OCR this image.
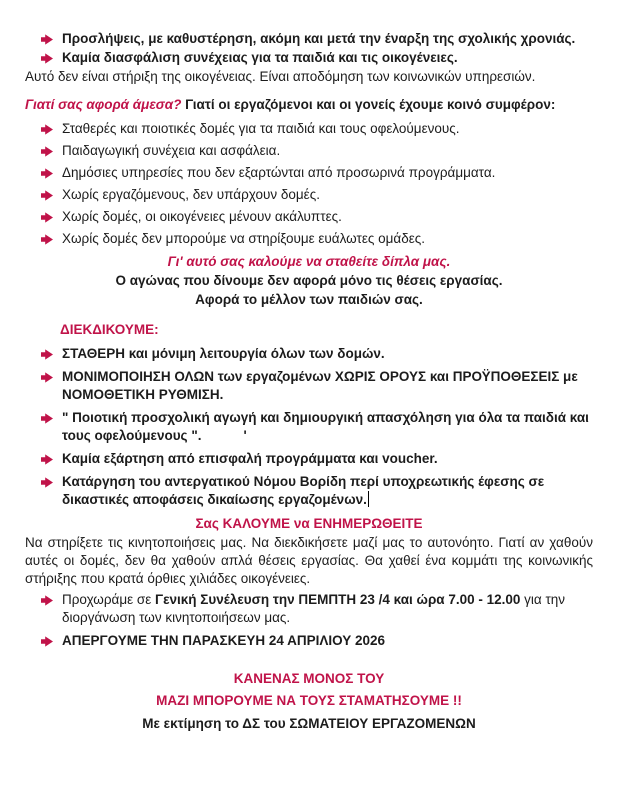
Προσλήψεις, με καθυστέρηση, ακόμη και μετά την έναρξη της σχολικής χρονιάς.
Καμία διασφάλιση συνέχειας για τα παιδιά και τις οικογένειες.

Αυτό δεν είναι στήριξη της οικογένειας. Είναι αποδόμηση των κοινωνικών υπηρεσιών.

Γιατί σας αφορά άμεσα? Γιατί οι εργαζόμενοι και οι γονείς έχουμε κοινό συμφέρον:

Σταθερές και ποιοτικές δομές για τα παιδιά και τους οφελούμενους.
Παιδαγωγική συνέχεια και ασφάλεια.
Δημόσιες υπηρεσίες που δεν εξαρτώνται από προσωρινά προγράμματα.
Χωρίς εργαζόμενους, δεν υπάρχουν δομές.
Χωρίς δομές, οι οικογένειες μένουν ακάλυπτες.
Χωρίς δομές δεν μπορούμε να στηρίξουμε ευάλωτες ομάδες.

Γι' αυτό σας καλούμε να σταθείτε δίπλα μας.

Ο αγώνας που δίνουμε δεν αφορά μόνο τις θέσεις εργασίας.

Αφορά το μέλλον των παιδιών σας.

ΔΙΕΚΔΙΚΟΥΜΕ:

ΣΤΑΘΕΡΗ και μόνιμη λειτουργία όλων των δομών.
ΜΟΝΙΜΟΠΟΙΗΣΗ ΟΛΩΝ των εργαζομένων ΧΩΡΙΣ ΟΡΟΥΣ και ΠΡΟΫΠΟΘΕΣΕΙΣ με ΝΟΜΟΘΕΤΙΚΗ ΡΥΘΜΙΣΗ.
" Ποιοτική προσχολική αγωγή και δημιουργική απασχόληση για όλα τα παιδιά και τους οφελούμενους ".	'
Καμία εξάρτηση από επισφαλή προγράμματα και voucher.
Κατάργηση του αντεργατικού Νόμου Βορίδη περί υποχρεωτικής έφεσης σε δικαστικές αποφάσεις δικαίωσης εργαζομένων.

Σας ΚΑΛΟΥΜΕ να ΕΝΗΜΕΡΩΘΕΙΤΕ

Να στηρίξετε τις κινητοποιήσεις μας. Να διεκδικήσετε μαζί μας το αυτονόητο. Γιατί αν χαθούν αυτές οι δομές, δεν θα χαθούν απλά θέσεις εργασίας. Θα χαθεί ένα κομμάτι της κοινωνικής στήριξης που κρατά όρθιες χιλιάδες οικογένειες.

Προχωράμε σε Γενική Συνέλευση την ΠΕΜΠΤΗ 23 /4 και ώρα 7.00 - 12.00 για την διοργάνωση των κινητοποιήσεων μας.
ΑΠΕΡΓΟΥΜΕ ΤΗΝ ΠΑΡΑΣΚΕΥΗ 24 ΑΠΡΙΛΙΟΥ 2026

ΚΑΝΕΝΑΣ ΜΟΝΟΣ ΤΟΥ

ΜΑΖΙ ΜΠΟΡΟΥΜΕ ΝΑ ΤΟΥΣ ΣΤΑΜΑΤΗΣΟΥΜΕ !!

Με εκτίμηση το ΔΣ του ΣΩΜΑΤΕΙΟΥ ΕΡΓΑΖΟΜΕΝΩΝ
